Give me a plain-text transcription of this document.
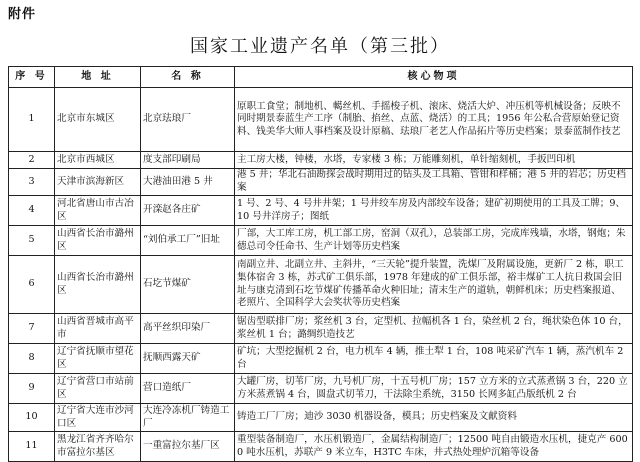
附件
国家工业遗产名单（第三批）
序 号	地 址	名 称	核心物项
1	北京市东城区	北京珐琅厂	原职工食堂；制地机、轕丝机、手摇梭子机、滚床、烧活大炉、冲压机等机械设备；反映不同时期景泰蓝生产工序（制胎、掐丝、点蓝、烧活）的工具；1956 年公私合营原始登记资料、钱美华大师人事档案及设计原稿、珐琅厂老艺人作品拓片等历史档案；景泰蓝制作技艺
2	北京市西城区	度支部印刷局	主工房大楼，钟楼，水塔，专家楼 3 栋；万能雕刻机，单针缩刻机，手扳凹印机
3	天津市滨海新区	大港油田港 5 井	港 5 井；华北石油勘探会战时期用过的钻头及工具箱、管钳和样桶；港 5 井的岩芯；历史档案
4	河北省唐山市古冶区	开滦赵各庄矿	1 号、2 号、4 号井井架；1 号井绞车房及内部绞车设备；建矿初期使用的工具及工牌；9、10 号井洋房子；图纸
5	山西省长治市潞州区	“刘伯承工厂”旧址	厂部，大工库工房，机工部工房，窑洞（双孔），总装部工房，完成库残墙，水塔，钢炮；朱德总司令任命书、生产计划等历史档案
6	山西省长治市潞州区	石圪节煤矿	南副立井、北副立井、主斜井，“三天轮”提升装置，洗煤厂及附属设施，更新厂 2 栋，职工集体宿舍 3 栋，苏式矿工俱乐部，1978 年建成的矿工俱乐部，裕丰煤矿工人抗日救国会旧址与康克清到石圪节煤矿传播革命火种旧址；清末生产的道轨，朝鲜机床；历史档案报道、老照片、全国科学大会奖状等历史档案
7	山西省晋城市高平市	高平丝织印染厂	锯齿型联排厂房；浆丝机 3 台，定型机、拉幅机各 1 台，染丝机 2 台，绳状染色体 10 台，浆丝机 1 台；潞绸织造技艺
8	辽宁省抚顺市望花区	抚顺西露天矿	矿坑；大型挖掘机 2 台，电力机车 4 辆，推土犁 1 台，108 吨采矿汽车 1 辆，蒸汽机车 2 台
9	辽宁省营口市站前区	营口造纸厂	大罐厂房，切苇厂房，九号机厂房，十五号机厂房；157 立方米的立式蒸煮锅 3 台，220 立方米蒸煮锅 4 台，圆盘式切苇刀，干法除尘系统，3150 长网多缸凸版纸机 2 台
10	辽宁省大连市沙河口区	大连冷冻机厂铸造工厂	铸造工厂厂房；迪沙 3030 机器设备，模具；历史档案及文献资料
11	黑龙江省齐齐哈尔市富拉尔基区	一重富拉尔基厂区	重型装备制造厂，水压机锻造厂，金属结构制造厂；12500 吨自由锻造水压机，捷克产 6000 吨水压机，苏联产 9 米立车，H3TC 车床，井式热处理炉沉箱等设备
